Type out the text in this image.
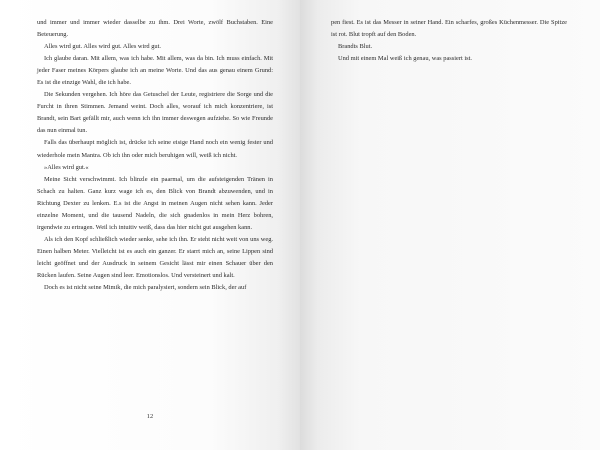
und immer und immer wieder dasselbe zu ihm. Drei Worte, zwölf Buchstaben. Eine Beteuerung.

Alles wird gut. Alles wird gut. Alles wird gut.

Ich glaube daran. Mit allem, was ich habe. Mit allem, was da bin. Ich muss einfach. Mit jeder Faser meines Körpers glaube ich an meine Worte. Und das aus genau einem Grund: Es ist die einzige Wahl, die ich habe.

Die Sekunden vergehen. Ich höre das Getuschel der Leute, registriere die Sorge und die Furcht in ihren Stimmen. Jemand weint. Doch alles, worauf ich mich konzentriere, ist Brandt, sein Bart gefällt mir, auch wenn ich ihn immer deswegen aufziehe. So wie Freunde das nun einmal tun.

Falls das überhaupt möglich ist, drücke ich seine eisige Hand noch ein wenig fester und wiederhole mein Mantra. Ob ich ihn oder mich beruhigen will, weiß ich nicht.

»Alles wird gut.«

Meine Sicht verschwimmt. Ich blinzle ein paarmal, um die aufsteigenden Tränen in Schach zu halten. Ganz kurz wage ich es, den Blick von Brandt abzuwenden, und in Richtung Dexter zu lenken. E.s ist die Angst in meinen Augen nicht sehen kann. Jeder einzelne Moment, und die tausend Nadeln, die sich gnadenlos in mein Herz bohren, irgendwie zu ertragen. Weil ich intuitiv weiß, dass das hier nicht gut ausgehen kann.

Als ich den Kopf schließlich wieder senke, sehe ich ihn. Er steht nicht weit von uns weg. Einen halben Meter. Vielleicht ist es auch ein ganzer. Er starrt mich an, seine Lippen sind leicht geöffnet und der Ausdruck in seinem Gesicht lässt mir einen Schauer über den Rücken laufen. Seine Augen sind leer. Emotionslos. Und versteinert und kalt.

Doch es ist nicht seine Mimik, die mich paralysiert, sondern sein Blick, der auf

12

pen fiest. Es ist das Messer in seiner Hand. Ein scharfes, großes Küchenmesser. Die Spitze ist rot. Blut tropft auf den Boden.

Brandts Blut.

Und mit einem Mal weiß ich genau, was passiert ist.
